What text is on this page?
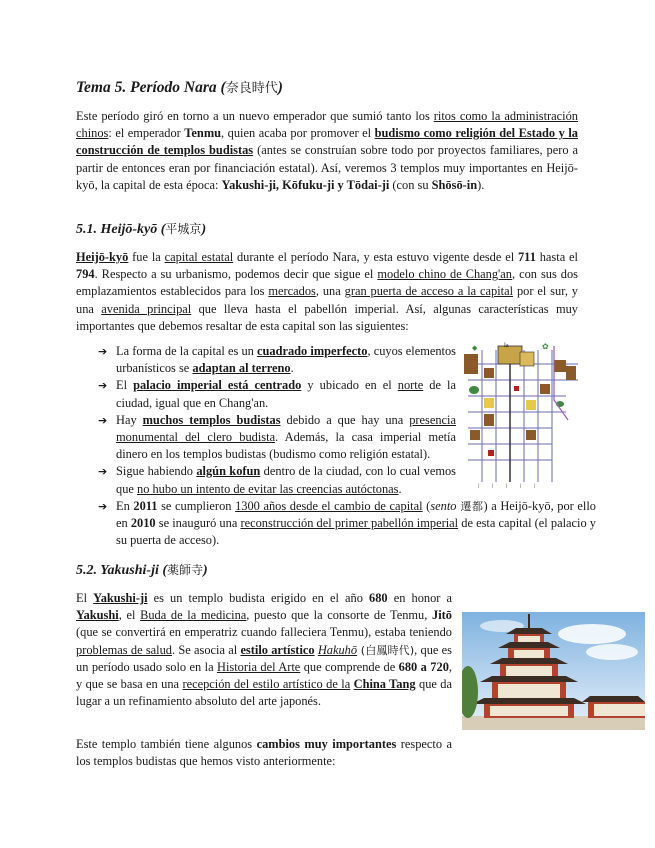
Tema 5. Período Nara (奈良時代)
Este período giró en torno a un nuevo emperador que sumió tanto los ritos como la administración chinos: el emperador Tenmu, quien acaba por promover el budismo como religión del Estado y la construcción de templos budistas (antes se construían sobre todo por proyectos familiares, pero a partir de entonces eran por financiación estatal). Así, veremos 3 templos muy importantes en Heijō-kyō, la capital de esta época: Yakushi-ji, Kōfuku-ji y Tōdai-ji (con su Shōsō-in).
5.1. Heijō-kyō (平城京)
Heijō-kyō fue la capital estatal durante el período Nara, y esta estuvo vigente desde el 711 hasta el 794. Respecto a su urbanismo, podemos decir que sigue el modelo chino de Chang'an, con sus dos emplazamientos establecidos para los mercados, una gran puerta de acceso a la capital por el sur, y una avenida principal que lleva hasta el pabellón imperial. Así, algunas características muy importantes que debemos resaltar de esta capital son las siguientes:
➔ La forma de la capital es un cuadrado imperfecto, cuyos elementos urbanísticos se adaptan al terreno.
➔ El palacio imperial está centrado y ubicado en el norte de la ciudad, igual que en Chang'an.
➔ Hay muchos templos budistas debido a que hay una presencia monumental del clero budista. Además, la casa imperial metía dinero en los templos budistas (budismo como religión estatal).
➔ Sigue habiendo algún kofun dentro de la ciudad, con lo cual vemos que no hubo un intento de evitar las creencias autóctonas.
➔ En 2011 se cumplieron 1300 años desde el cambio de capital (sento 遷都) a Heijō-kyō, por ello en 2010 se inauguró una reconstrucción del primer pabellón imperial de esta capital (el palacio y su puerta de acceso).
◆	la	✿
|	|	|	|	|
5.2. Yakushi-ji (薬師寺)
El Yakushi-ji es un templo budista erigido en el año 680 en honor a Yakushi, el Buda de la medicina, puesto que la consorte de Tenmu, Jitō (que se convertirá en emperatriz cuando falleciera Tenmu), estaba teniendo problemas de salud. Se asocia al estilo artístico Hakuhō (白鳳時代), que es un período usado solo en la Historia del Arte que comprende de 680 a 720, y que se basa en una recepción del estilo artístico de la China Tang que da lugar a un refinamiento absoluto del arte japonés.
Este templo también tiene algunos cambios muy importantes respecto a los templos budistas que hemos visto anteriormente:
